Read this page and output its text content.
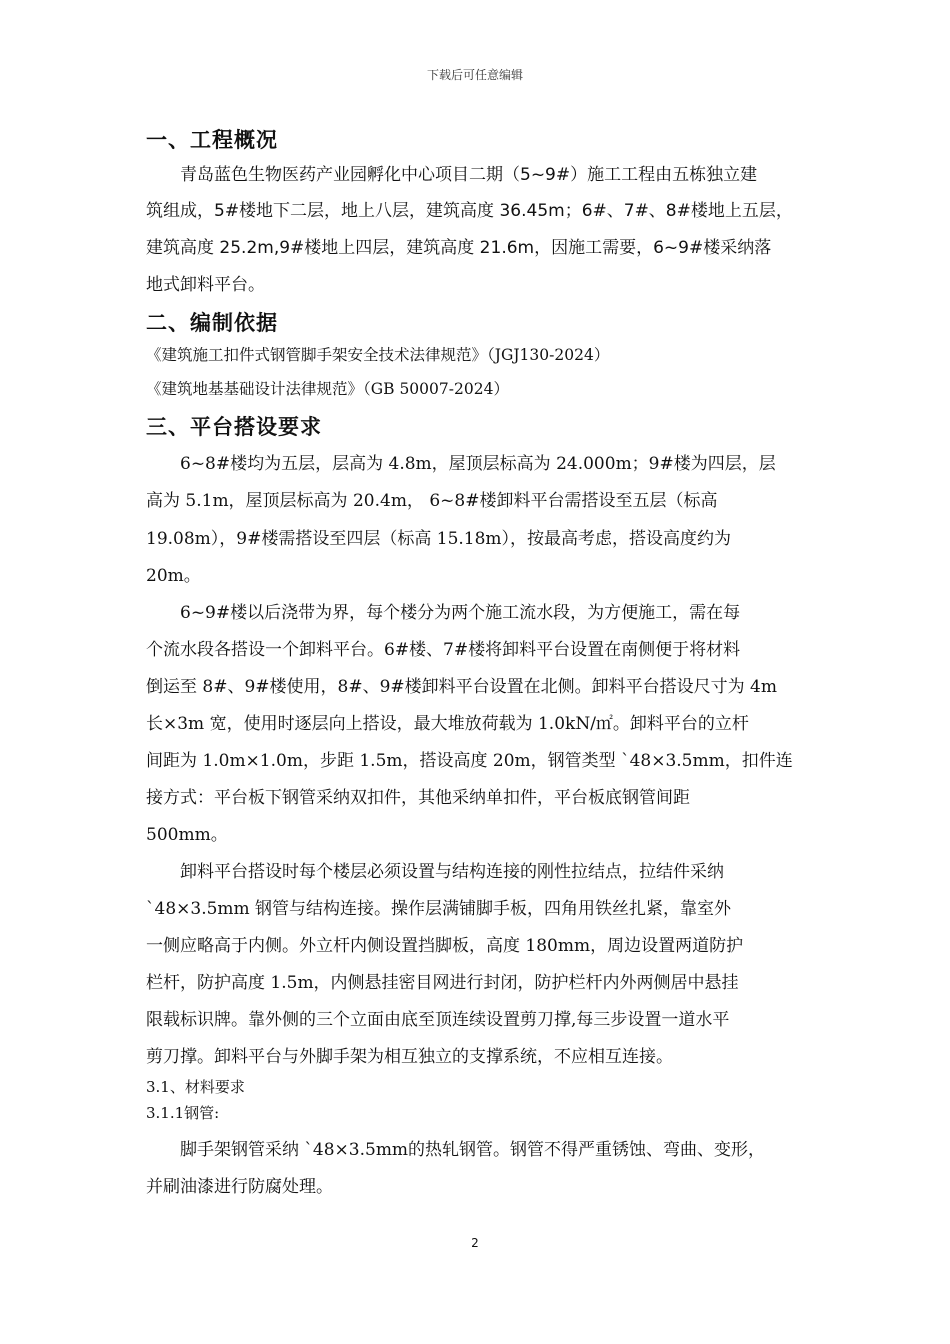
下载后可任意编辑
一、工程概况
青岛蓝色生物医药产业园孵化中心项目二期（5~9#）施工工程由五栋独立建
筑组成，5#楼地下二层，地上八层，建筑高度 36.45m；6#、7#、8#楼地上五层，
建筑高度 25.2m,9#楼地上四层，建筑高度 21.6m，因施工需要，6~9#楼采纳落
地式卸料平台。
二、编制依据
《建筑施工扣件式钢管脚手架安全技术法律规范》（JGJ130-2024）
《建筑地基基础设计法律规范》（GB 50007-2024）
三、平台搭设要求
6~8#楼均为五层，层高为 4.8m，屋顶层标高为 24.000m；9#楼为四层，层
高为 5.1m，屋顶层标高为 20.4m， 6~8#楼卸料平台需搭设至五层（标高
19.08m），9#楼需搭设至四层（标高 15.18m），按最高考虑，搭设高度约为
20m。
6~9#楼以后浇带为界，每个楼分为两个施工流水段，为方便施工，需在每
个流水段各搭设一个卸料平台。6#楼、7#楼将卸料平台设置在南侧便于将材料
倒运至 8#、9#楼使用，8#、9#楼卸料平台设置在北侧。卸料平台搭设尺寸为 4m
长×3m 宽，使用时逐层向上搭设，最大堆放荷载为 1.0kN/㎡。卸料平台的立杆
间距为 1.0m×1.0m，步距 1.5m，搭设高度 20m，钢管类型 `48×3.5mm，扣件连
接方式：平台板下钢管采纳双扣件，其他采纳单扣件，平台板底钢管间距
500mm。
卸料平台搭设时每个楼层必须设置与结构连接的刚性拉结点，拉结件采纳
`48×3.5mm 钢管与结构连接。操作层满铺脚手板，四角用铁丝扎紧，靠室外
一侧应略高于内侧。外立杆内侧设置挡脚板，高度 180mm，周边设置两道防护
栏杆，防护高度 1.5m，内侧悬挂密目网进行封闭，防护栏杆内外两侧居中悬挂
限载标识牌。靠外侧的三个立面由底至顶连续设置剪刀撑,每三步设置一道水平
剪刀撑。卸料平台与外脚手架为相互独立的支撑系统，不应相互连接。
3.1、材料要求
3.1.1钢管:
脚手架钢管采纳 `48×3.5mm的热轧钢管。钢管不得严重锈蚀、弯曲、变形，
并刷油漆进行防腐处理。
2
